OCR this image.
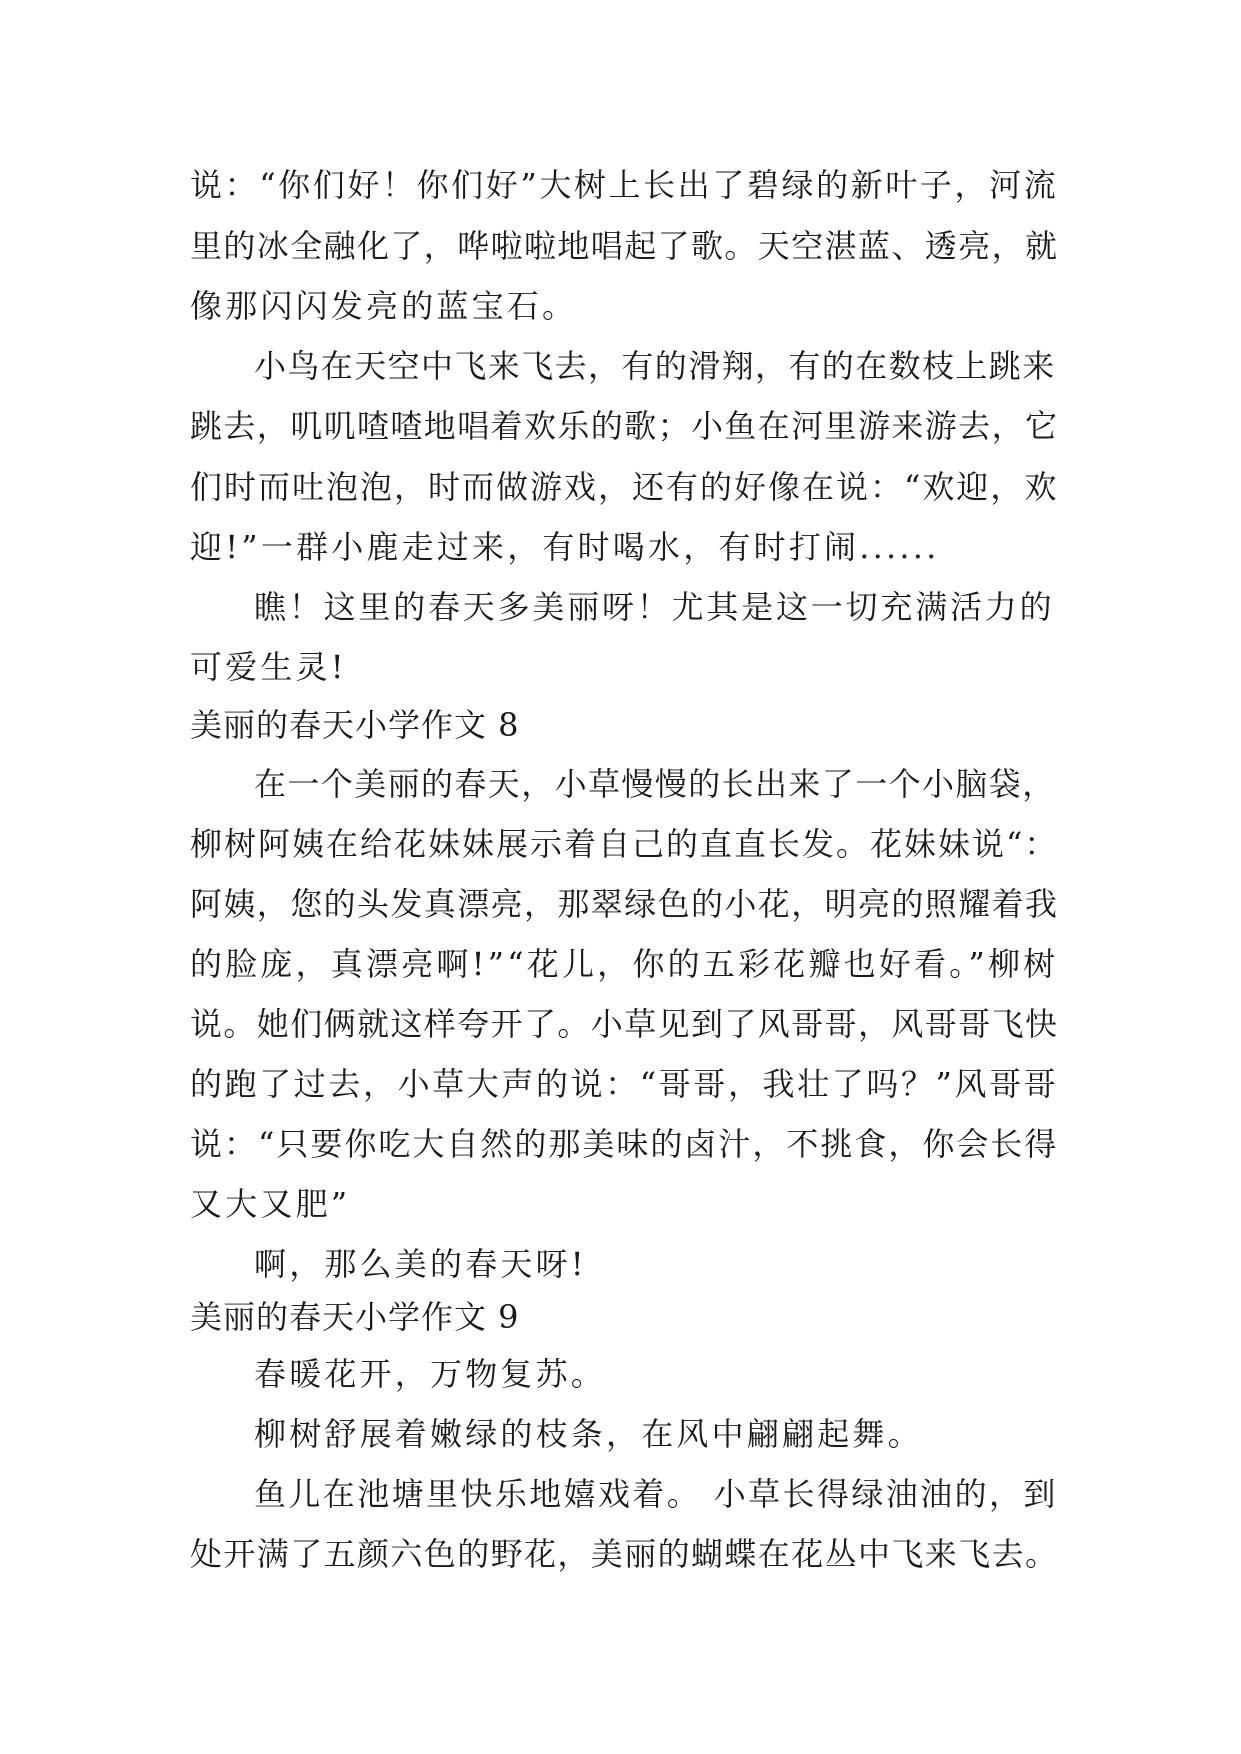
说：“你们好！你们好”大树上长出了碧绿的新叶子，河流
里的冰全融化了，哗啦啦地唱起了歌。天空湛蓝、透亮，就
像那闪闪发亮的蓝宝石。
小鸟在天空中飞来飞去，有的滑翔，有的在数枝上跳来
跳去，叽叽喳喳地唱着欢乐的歌；小鱼在河里游来游去，它
们时而吐泡泡，时而做游戏，还有的好像在说：“欢迎，欢
迎!”一群小鹿走过来，有时喝水，有时打闹......
瞧！这里的春天多美丽呀！尤其是这一切充满活力的
可爱生灵!
美丽的春天小学作文 8
在一个美丽的春天，小草慢慢的长出来了一个小脑袋，
柳树阿姨在给花妹妹展示着自己的直直长发。花妹妹说“：
阿姨，您的头发真漂亮，那翠绿色的小花，明亮的照耀着我
的脸庞，真漂亮啊!”“花儿，你的五彩花瓣也好看。”柳树
说。她们俩就这样夸开了。小草见到了风哥哥，风哥哥飞快
的跑了过去，小草大声的说：“哥哥，我壮了吗？”风哥哥
说：“只要你吃大自然的那美味的卤汁，不挑食，你会长得
又大又肥”
啊，那么美的春天呀!
美丽的春天小学作文 9
春暖花开，万物复苏。
柳树舒展着嫩绿的枝条，在风中翩翩起舞。
鱼儿在池塘里快乐地嬉戏着。 小草长得绿油油的，到
处开满了五颜六色的野花，美丽的蝴蝶在花丛中飞来飞去。
